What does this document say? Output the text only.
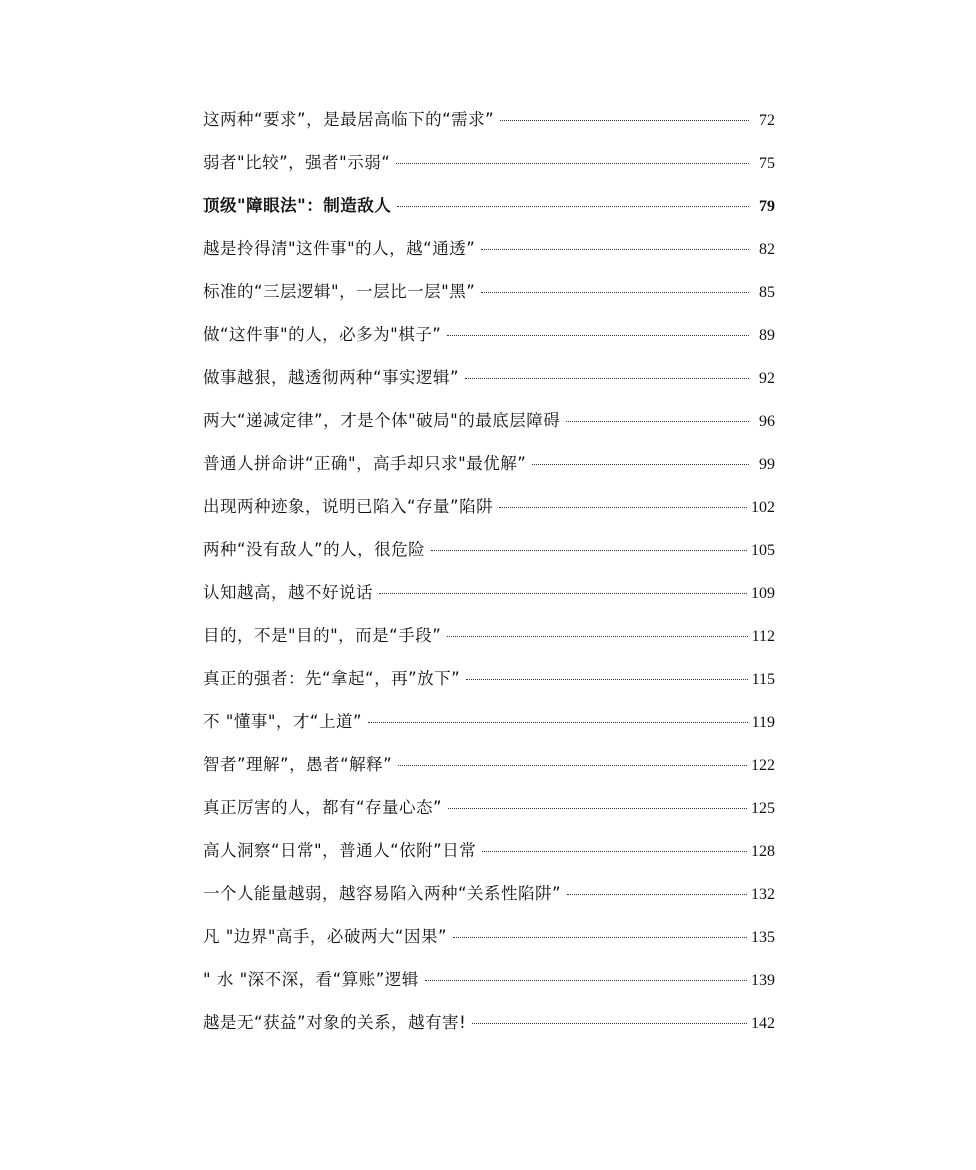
这两种“要求”，是最居高临下的“需求”	72
弱者"比较”，强者"示弱“	75
顶级"障眼法"：制造敌人	79
越是拎得清"这件事"的人，越“通透”	82
标准的“三层逻辑"，一层比一层"黑”	85
做“这件事"的人，必多为"棋子”	89
做事越狠，越透彻两种“事实逻辑”	92
两大“递减定律”，才是个体"破局"的最底层障碍	96
普通人拼命讲“正确"，高手却只求"最优解”	99
出现两种迹象，说明已陷入“存量”陷阱	102
两种“没有敌人”的人，很危险	105
认知越高，越不好说话	109
目的，不是"目的"，而是“手段”	112
真正的强者：先“拿起“，再”放下”	115
不 "懂事"，才“上道”	119
智者”理解”，愚者“解释”	122
真正厉害的人，都有“存量心态”	125
高人洞察“日常"，普通人“依附”日常	128
一个人能量越弱，越容易陷入两种“关系性陷阱”	132
凡 "边界"高手，必破两大“因果”	135
" 水 "深不深，看“算账”逻辑	139
越是无“获益”对象的关系，越有害!	142
